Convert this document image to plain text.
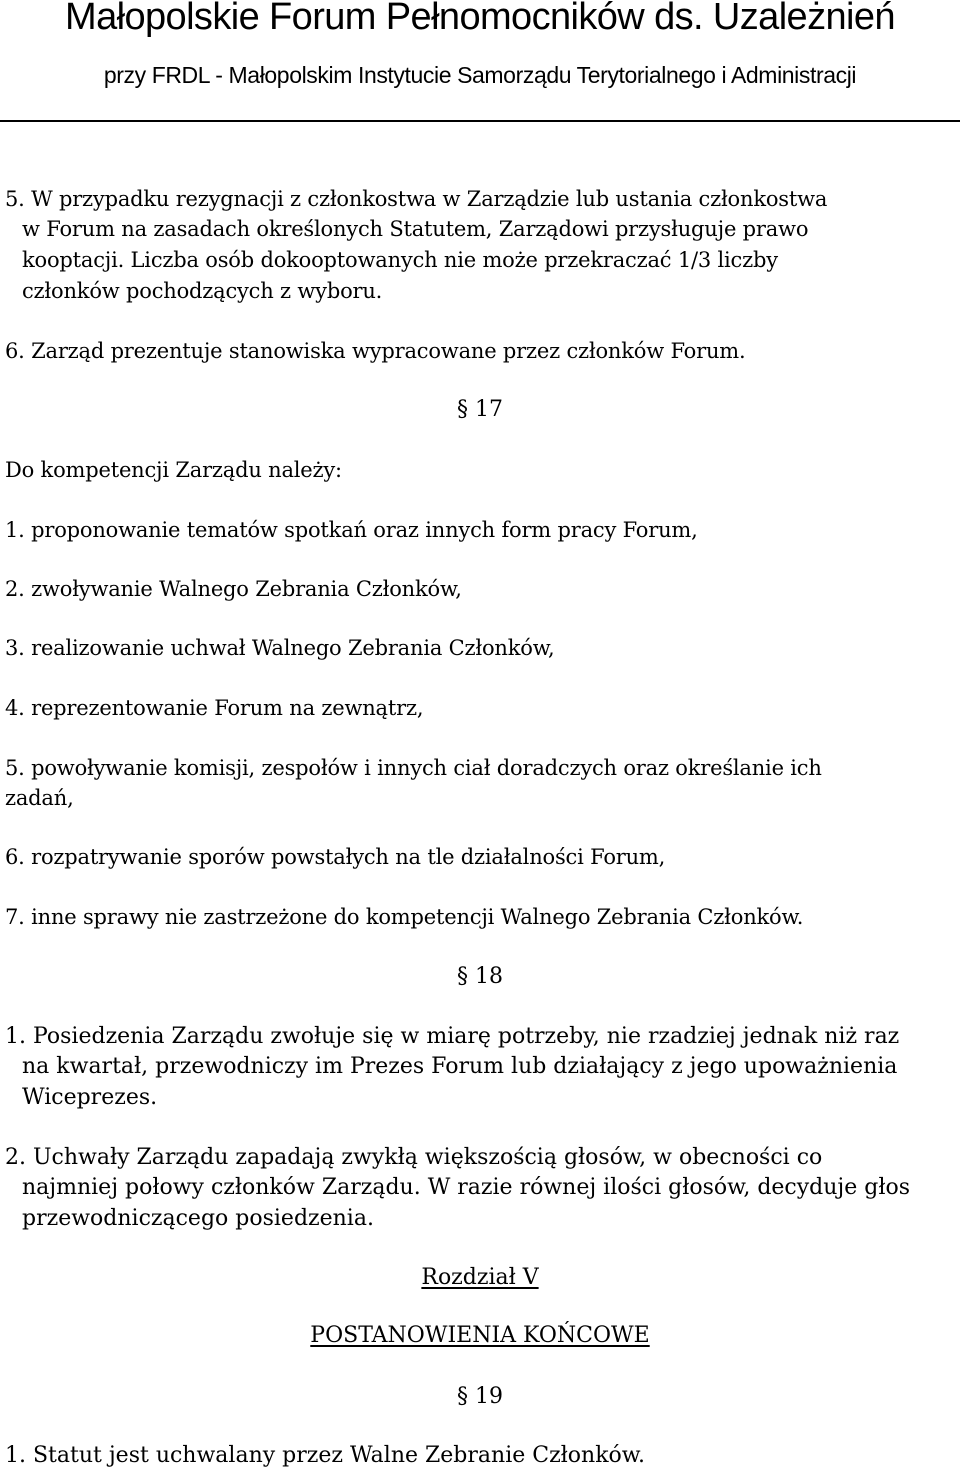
Małopolskie Forum Pełnomocników ds. Uzależnień
przy FRDL - Małopolskim Instytucie Samorządu Terytorialnego i Administracji
5. W przypadku rezygnacji z członkostwa w Zarządzie lub ustania członkostwa
w Forum na zasadach określonych Statutem, Zarządowi przysługuje prawo
kooptacji. Liczba osób dokooptowanych nie może przekraczać 1/3 liczby
członków pochodzących z wyboru.
6. Zarząd prezentuje stanowiska wypracowane przez członków Forum.
§ 17
Do kompetencji Zarządu należy:
1. proponowanie tematów spotkań oraz innych form pracy Forum,
2. zwoływanie Walnego Zebrania Członków,
3. realizowanie uchwał Walnego Zebrania Członków,
4. reprezentowanie Forum na zewnątrz,
5. powoływanie komisji, zespołów i innych ciał doradczych oraz określanie ich
zadań,
6. rozpatrywanie sporów powstałych na tle działalności Forum,
7. inne sprawy nie zastrzeżone do kompetencji Walnego Zebrania Członków.
§ 18
1. Posiedzenia Zarządu zwołuje się w miarę potrzeby, nie rzadziej jednak niż raz
na kwartał, przewodniczy im Prezes Forum lub działający z jego upoważnienia
Wiceprezes.
2. Uchwały Zarządu zapadają zwykłą większością głosów, w obecności co
najmniej połowy członków Zarządu. W razie równej ilości głosów, decyduje głos
przewodniczącego posiedzenia.
Rozdział V
POSTANOWIENIA KOŃCOWE
§ 19
1. Statut jest uchwalany przez Walne Zebranie Członków.
